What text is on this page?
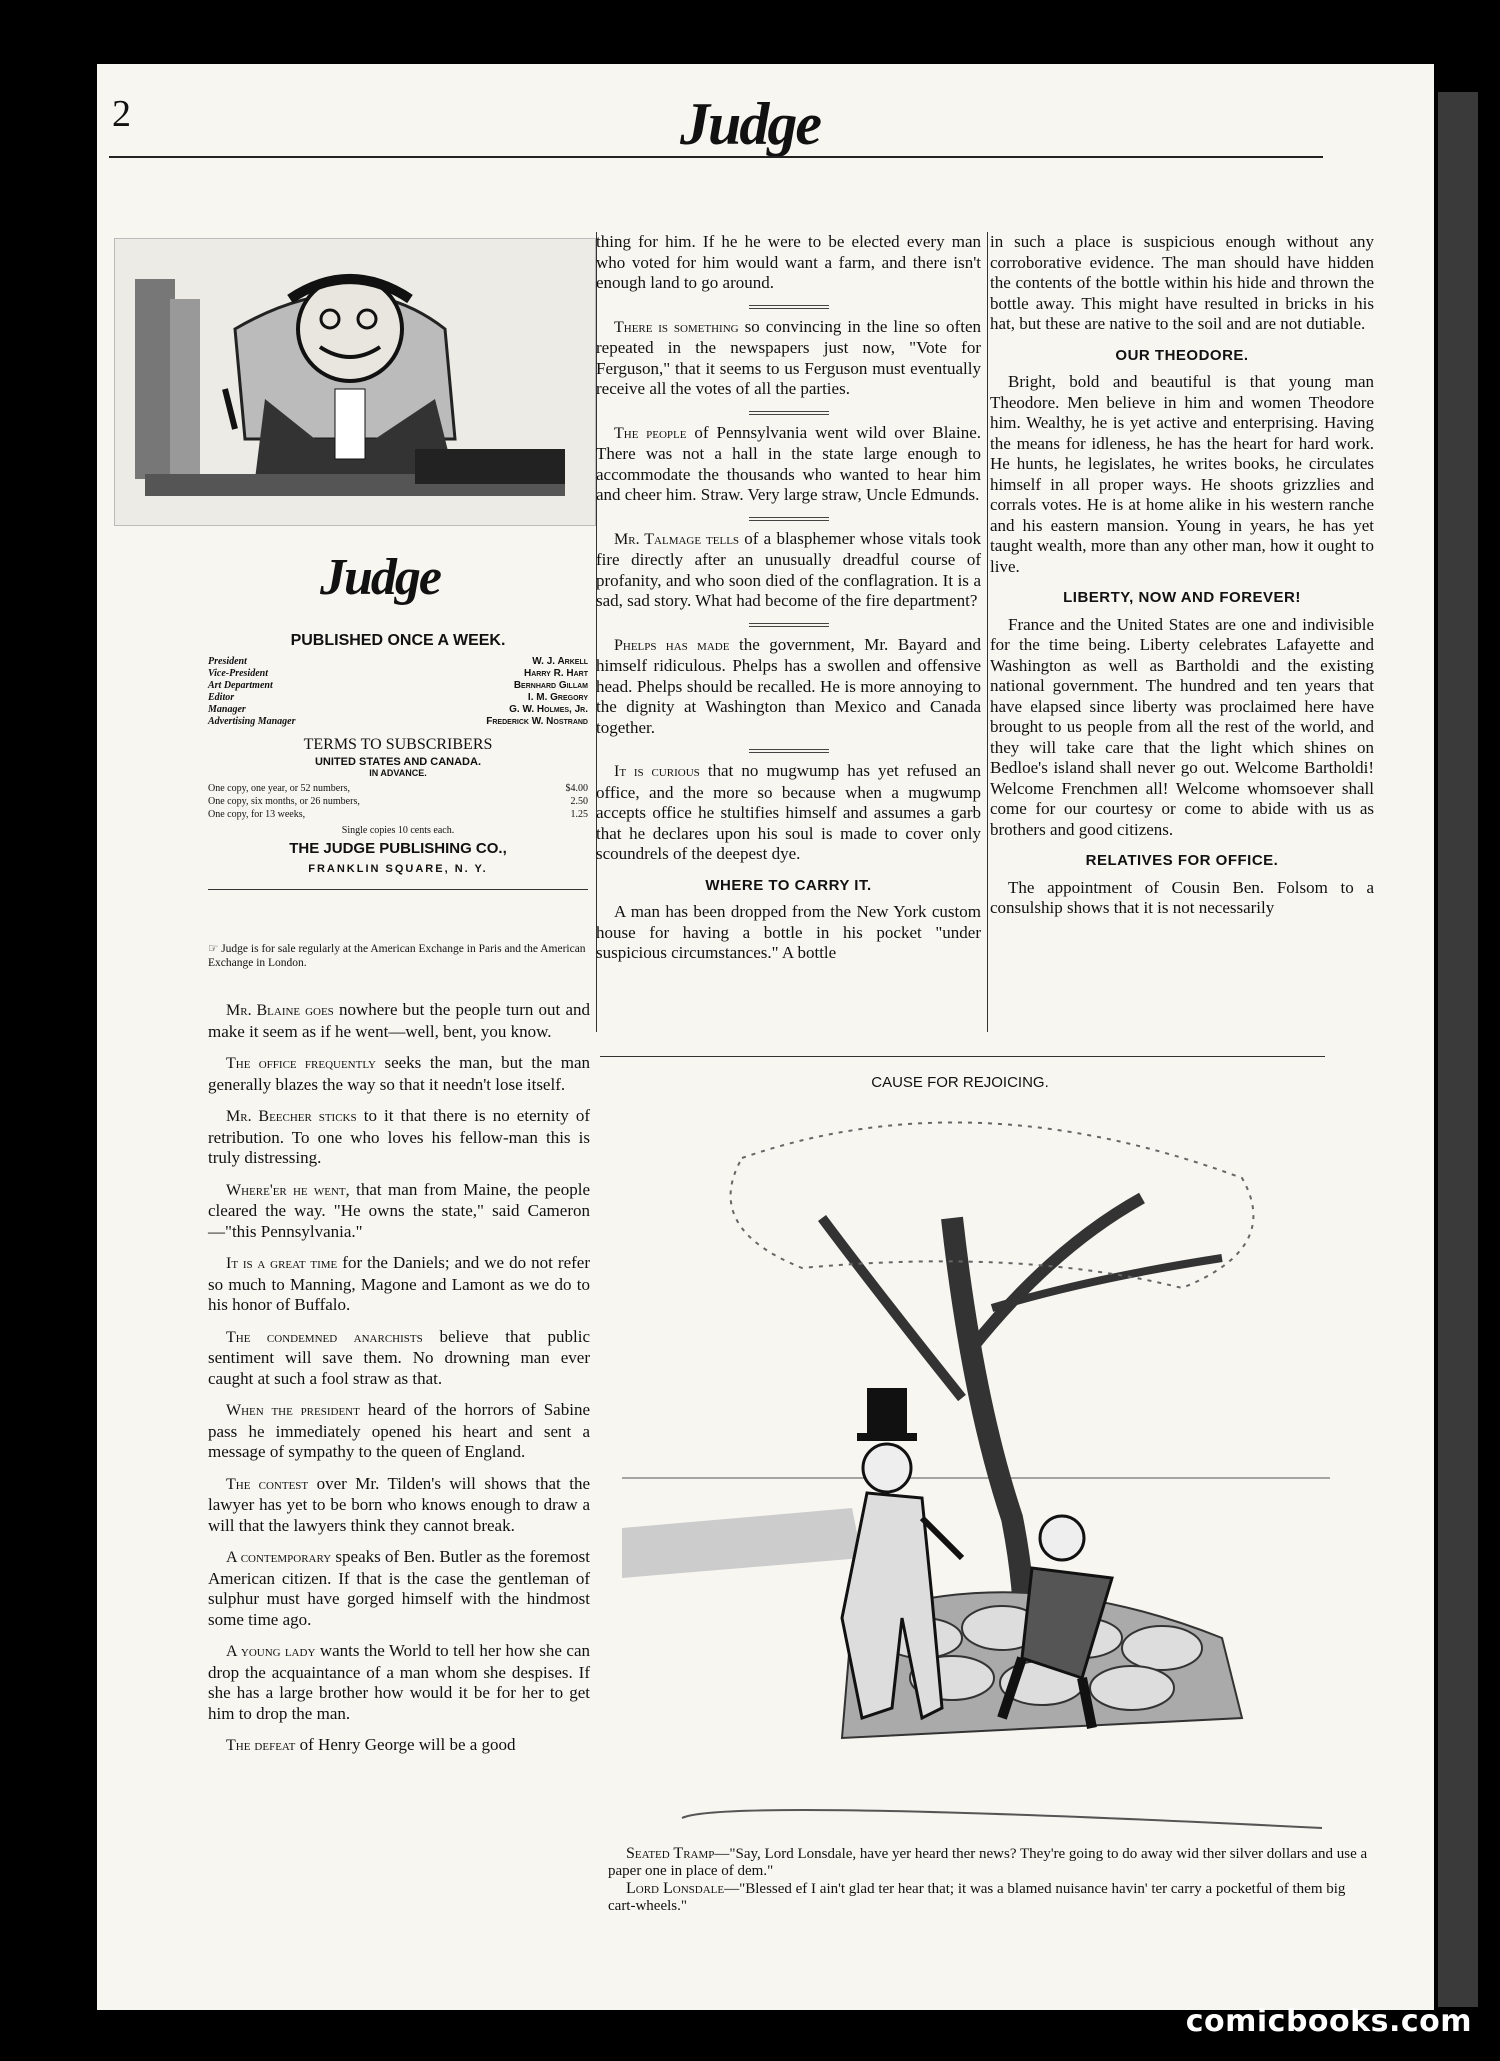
2	Judge
Judge
PUBLISHED ONCE A WEEK.
President	W. J. Arkell
Vice-President	Harry R. Hart
Art Department	Bernhard Gillam
Editor	I. M. Gregory
Manager	G. W. Holmes, Jr.
Advertising Manager	Frederick W. Nostrand
TERMS TO SUBSCRIBERS
UNITED STATES AND CANADA.
IN ADVANCE.
One copy, one year, or 52 numbers,	$4.00
One copy, six months, or 26 numbers,	2.50
One copy, for 13 weeks,	1.25
Single copies 10 cents each.
THE JUDGE PUBLISHING CO.,
FRANKLIN SQUARE, N. Y.
☞ Judge is for sale regularly at the American Exchange in Paris and the American Exchange in London.

Mr. Blaine goes nowhere but the people turn out and make it seem as if he went—well, bent, you know.

The office frequently seeks the man, but the man generally blazes the way so that it needn't lose itself.

Mr. Beecher sticks to it that there is no eternity of retribution. To one who loves his fellow-man this is truly distressing.

Where'er he went, that man from Maine, the people cleared the way. "He owns the state," said Cameron—"this Pennsylvania."

It is a great time for the Daniels; and we do not refer so much to Manning, Magone and Lamont as we do to his honor of Buffalo.

The condemned anarchists believe that public sentiment will save them. No drowning man ever caught at such a fool straw as that.

When the president heard of the horrors of Sabine pass he immediately opened his heart and sent a message of sympathy to the queen of England.

The contest over Mr. Tilden's will shows that the lawyer has yet to be born who knows enough to draw a will that the lawyers think they cannot break.

A contemporary speaks of Ben. Butler as the foremost American citizen. If that is the case the gentleman of sulphur must have gorged himself with the hindmost some time ago.

A young lady wants the World to tell her how she can drop the acquaintance of a man whom she despises. If she has a large brother how would it be for her to get him to drop the man.

The defeat of Henry George will be a good

thing for him. If he he were to be elected every man who voted for him would want a farm, and there isn't enough land to go around.

There is something so convincing in the line so often repeated in the newspapers just now, "Vote for Ferguson," that it seems to us Ferguson must eventually receive all the votes of all the parties.

The people of Pennsylvania went wild over Blaine. There was not a hall in the state large enough to accommodate the thousands who wanted to hear him and cheer him. Straw. Very large straw, Uncle Edmunds.

Mr. Talmage tells of a blasphemer whose vitals took fire directly after an unusually dreadful course of profanity, and who soon died of the conflagration. It is a sad, sad story. What had become of the fire department?

Phelps has made the government, Mr. Bayard and himself ridiculous. Phelps has a swollen and offensive head. Phelps should be recalled. He is more annoying to the dignity at Washington than Mexico and Canada together.

It is curious that no mugwump has yet refused an office, and the more so because when a mugwump accepts office he stultifies himself and assumes a garb that he declares upon his soul is made to cover only scoundrels of the deepest dye.

WHERE TO CARRY IT.

A man has been dropped from the New York custom house for having a bottle in his pocket "under suspicious circumstances." A bottle

in such a place is suspicious enough without any corroborative evidence. The man should have hidden the contents of the bottle within his hide and thrown the bottle away. This might have resulted in bricks in his hat, but these are native to the soil and are not dutiable.

OUR THEODORE.

Bright, bold and beautiful is that young man Theodore. Men believe in him and women Theodore him. Wealthy, he is yet active and enterprising. Having the means for idleness, he has the heart for hard work. He hunts, he legislates, he writes books, he circulates himself in all proper ways. He shoots grizzlies and corrals votes. He is at home alike in his western ranche and his eastern mansion. Young in years, he has yet taught wealth, more than any other man, how it ought to live.

LIBERTY, NOW AND FOREVER!

France and the United States are one and indivisible for the time being. Liberty celebrates Lafayette and Washington as well as Bartholdi and the existing national government. The hundred and ten years that have elapsed since liberty was proclaimed here have brought to us people from all the rest of the world, and they will take care that the light which shines on Bedloe's island shall never go out. Welcome Bartholdi! Welcome Frenchmen all! Welcome whomsoever shall come for our courtesy or come to abide with us as brothers and good citizens.

RELATIVES FOR OFFICE.

The appointment of Cousin Ben. Folsom to a consulship shows that it is not necessarily

CAUSE FOR REJOICING.

Seated Tramp—"Say, Lord Lonsdale, have yer heard ther news? They're going to do away wid ther silver dollars and use a paper one in place of dem."

Lord Lonsdale—"Blessed ef I ain't glad ter hear that; it was a blamed nuisance havin' ter carry a pocketful of them big cart-wheels."

comicbooks.com
